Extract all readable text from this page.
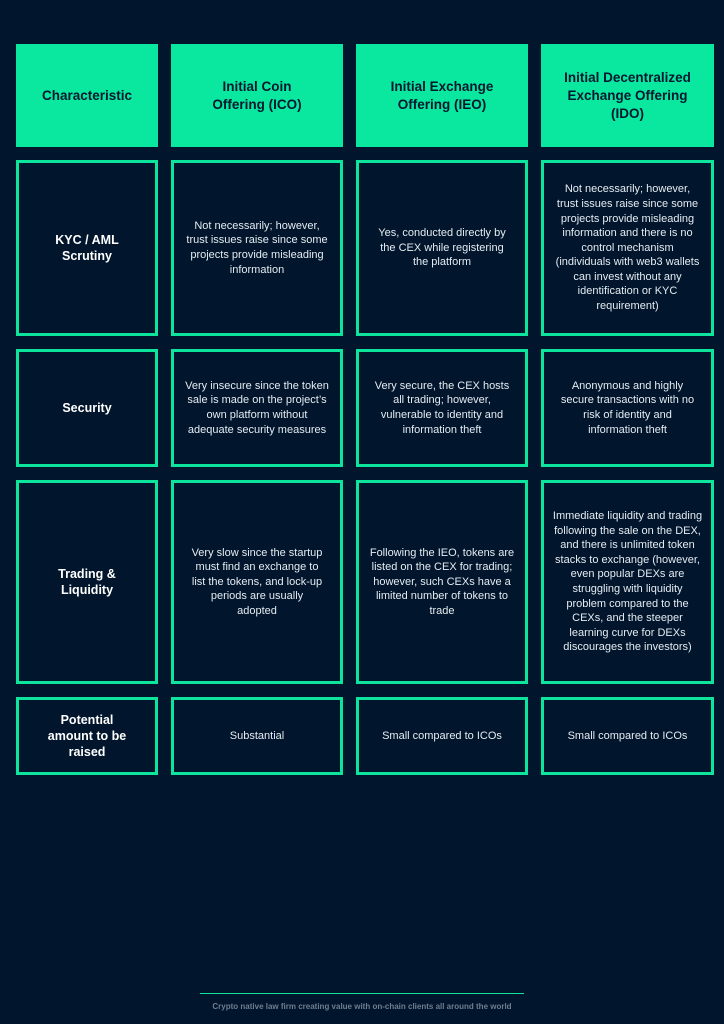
Characteristic
Initial Coin Offering (ICO)
Initial Exchange Offering (IEO)
Initial Decentralized Exchange Offering (IDO)
KYC / AML Scrutiny
Not necessarily; however, trust issues raise since some projects provide misleading information
Yes, conducted directly by the CEX while registering the platform
Not necessarily; however, trust issues raise since some projects provide misleading information and there is no control mechanism (individuals with web3 wallets can invest without any identification or KYC requirement)
Security
Very insecure since the token sale is made on the project’s own platform without adequate security measures
Very secure, the CEX hosts all trading; however, vulnerable to identity and information theft
Anonymous and highly secure transactions with no risk of identity and information theft
Trading & Liquidity
Very slow since the startup must find an exchange to list the tokens, and lock-up periods are usually adopted
Following the IEO, tokens are listed on the CEX for trading; however, such CEXs have a limited number of tokens to trade
Immediate liquidity and trading following the sale on the DEX, and there is unlimited token stacks to exchange (however, even popular DEXs are struggling with liquidity problem compared to the CEXs, and the steeper learning curve for DEXs discourages the investors)
Potential amount to be raised
Substantial	Small compared to ICOs	Small compared to ICOs
Crypto native law firm creating value with on-chain clients all around the world
